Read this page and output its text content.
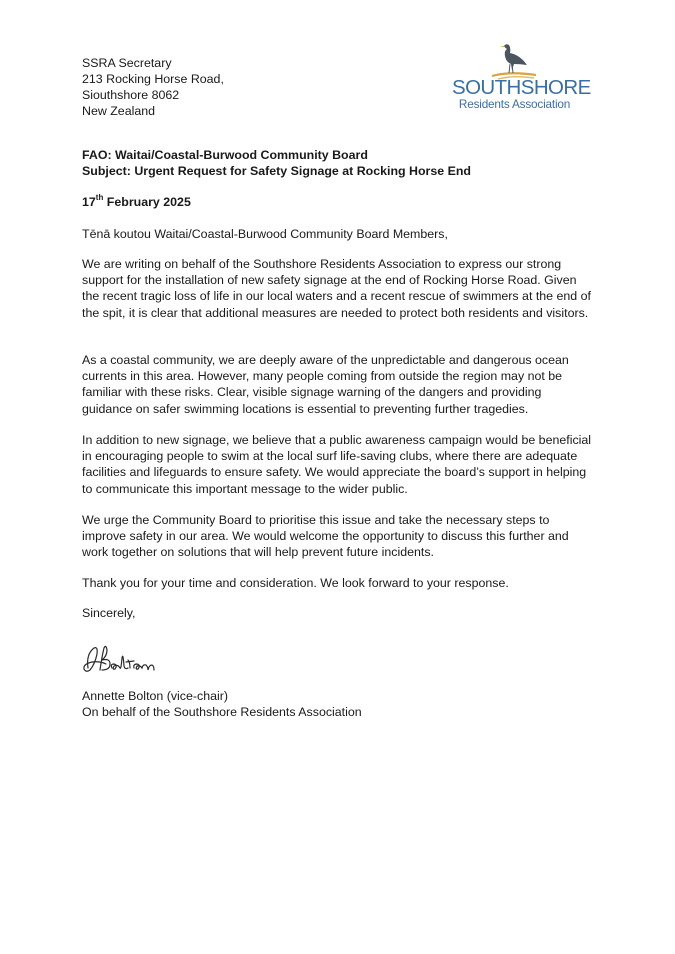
SSRA Secretary
213 Rocking Horse Road,
Siouthshore 8062
New Zealand
SOUTHSHORE
Residents Association
FAO: Waitai/Coastal-Burwood Community Board
Subject: Urgent Request for Safety Signage at Rocking Horse End
17th February 2025

Tēnā koutou Waitai/Coastal-Burwood Community Board Members,

We are writing on behalf of the Southshore Residents Association to express our strong support for the installation of new safety signage at the end of Rocking Horse Road. Given the recent tragic loss of life in our local waters and a recent rescue of swimmers at the end of the spit, it is clear that additional measures are needed to protect both residents and visitors.

As a coastal community, we are deeply aware of the unpredictable and dangerous ocean currents in this area. However, many people coming from outside the region may not be familiar with these risks. Clear, visible signage warning of the dangers and providing guidance on safer swimming locations is essential to preventing further tragedies.

In addition to new signage, we believe that a public awareness campaign would be beneficial in encouraging people to swim at the local surf life-saving clubs, where there are adequate facilities and lifeguards to ensure safety. We would appreciate the board’s support in helping to communicate this important message to the wider public.

We urge the Community Board to prioritise this issue and take the necessary steps to improve safety in our area. We would welcome the opportunity to discuss this further and work together on solutions that will help prevent future incidents.

Thank you for your time and consideration. We look forward to your response.

Sincerely,

Annette Bolton (vice-chair)
On behalf of the Southshore Residents Association
